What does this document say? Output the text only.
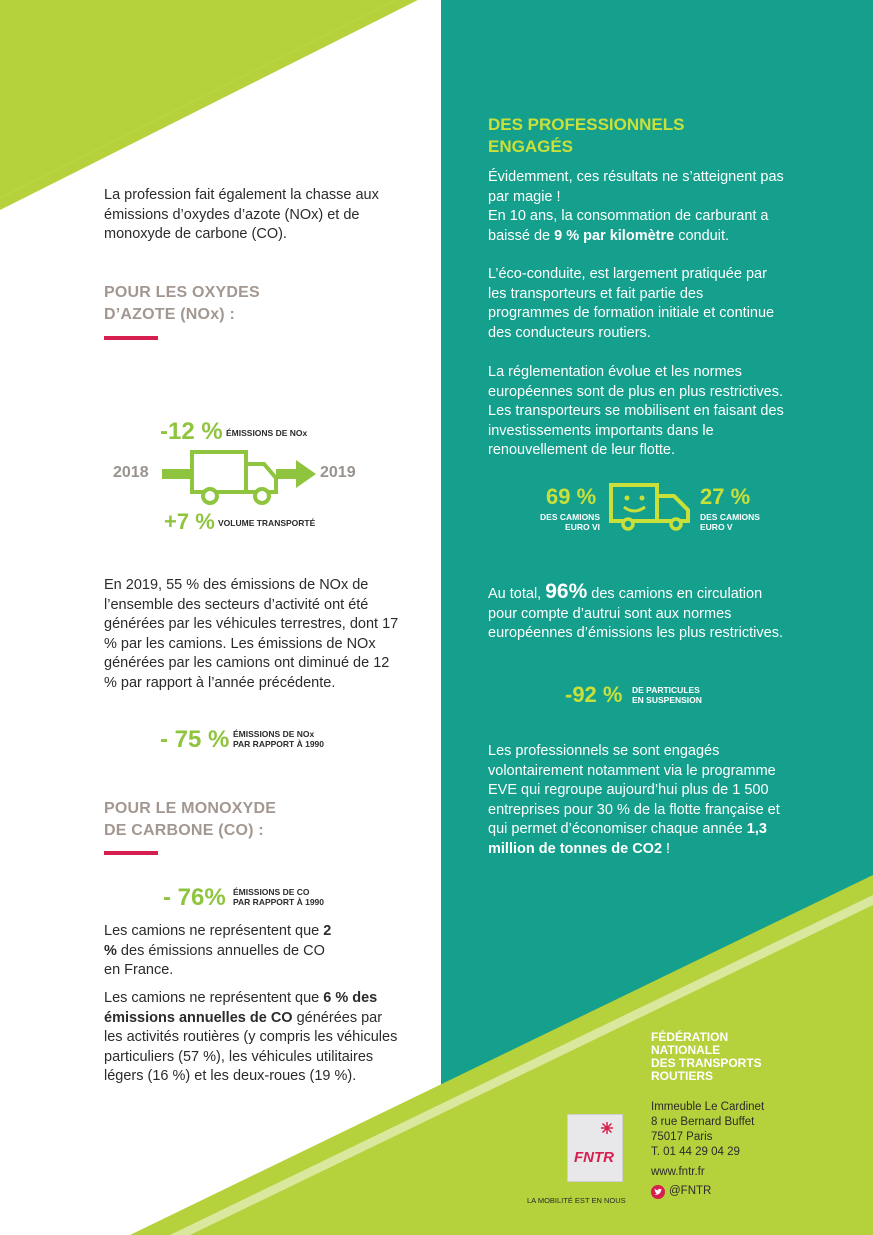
La profession fait également la chasse aux émissions d’oxydes d’azote (NOx) et de monoxyde de carbone (CO).
POUR LES OXYDES
D’AZOTE (NOx) :
-12 % ÉMISSIONS DE NOx
2018	2019
+7 % VOLUME TRANSPORTÉ
En 2019, 55 % des émissions de NOx de l’ensemble des secteurs d’activité ont été générées par les véhicules terrestres, dont 17 % par les camions. Les émissions de NOx générées par les camions ont diminué de 12 % par rapport à l’année précédente.
- 75 % ÉMISSIONS DE NOx
PAR RAPPORT À 1990
POUR LE MONOXYDE
DE CARBONE (CO) :
- 76% ÉMISSIONS DE CO
PAR RAPPORT À 1990
Les camions ne représentent que 2 % des émissions annuelles de CO en France.
Les camions ne représentent que 6 % des émissions annuelles de CO générées par les activités routières (y compris les véhicules particuliers (57 %), les véhicules utilitaires légers (16 %) et les deux-roues (19 %).
DES PROFESSIONNELS
ENGAGÉS
Évidemment, ces résultats ne s’atteignent pas par magie !
En 10 ans, la consommation de carburant a baissé de 9 % par kilomètre conduit.
L’éco-conduite, est largement pratiquée par les transporteurs et fait partie des programmes de formation initiale et continue des conducteurs routiers.
La réglementation évolue et les normes européennes sont de plus en plus restrictives. Les transporteurs se mobilisent en faisant des investissements importants dans le renouvellement de leur flotte.
69 %
DES CAMIONS
EURO VI
27 %
DES CAMIONS
EURO V
Au total, 96% des camions en circulation pour compte d’autrui sont aux normes européennes d’émissions les plus restrictives.
-92 % DE PARTICULES
EN SUSPENSION
Les professionnels se sont engagés volontairement notamment via le programme EVE qui regroupe aujourd’hui plus de 1 500 entreprises pour 30 % de la flotte française et qui permet d’économiser chaque année 1,3 million de tonnes de CO2 !
FÉDÉRATION
NATIONALE
DES TRANSPORTS
ROUTIERS
Immeuble Le Cardinet
8 rue Bernard Buffet
75017 Paris
T. 01 44 29 04 29
www.fntr.fr
@FNTR
FNTR
LA MOBILITÉ EST EN NOUS
